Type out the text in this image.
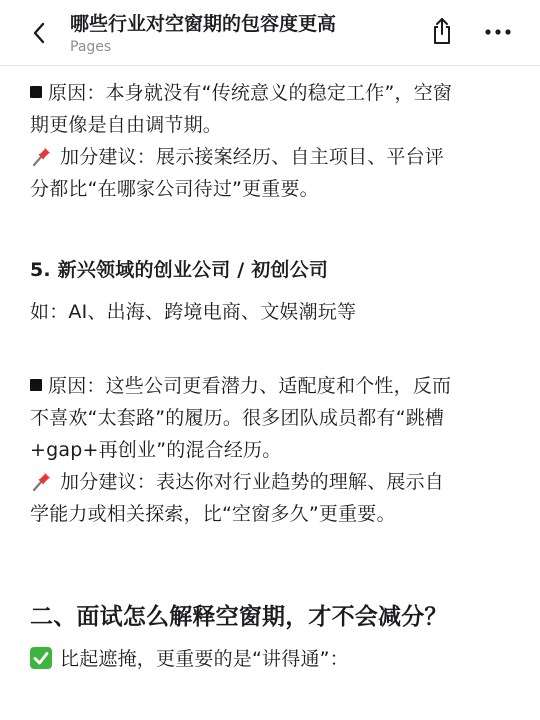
哪些行业对空窗期的包容度更高
Pages
原因：本身就没有“传统意义的稳定工作”，空窗
期更像是自由调节期。
加分建议：展示接案经历、自主项目、平台评
分都比“在哪家公司待过”更重要。
5. 新兴领域的创业公司 / 初创公司
如：AI、出海、跨境电商、文娱潮玩等
原因：这些公司更看潜力、适配度和个性，反而
不喜欢“太套路”的履历。很多团队成员都有“跳槽
+gap+再创业”的混合经历。
加分建议：表达你对行业趋势的理解、展示自
学能力或相关探索，比“空窗多久”更重要。
二、面试怎么解释空窗期，才不会减分？
比起遮掩，更重要的是“讲得通”：
